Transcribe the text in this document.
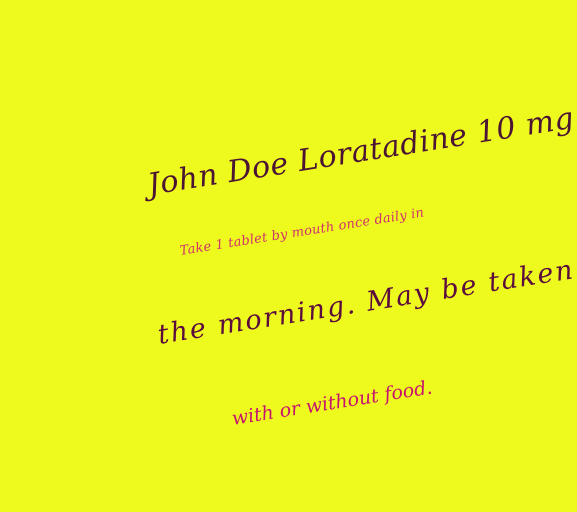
John Doe Loratadine 10 mg
Take 1 tablet by mouth once daily in
the morning. May be taken
with or without food.
